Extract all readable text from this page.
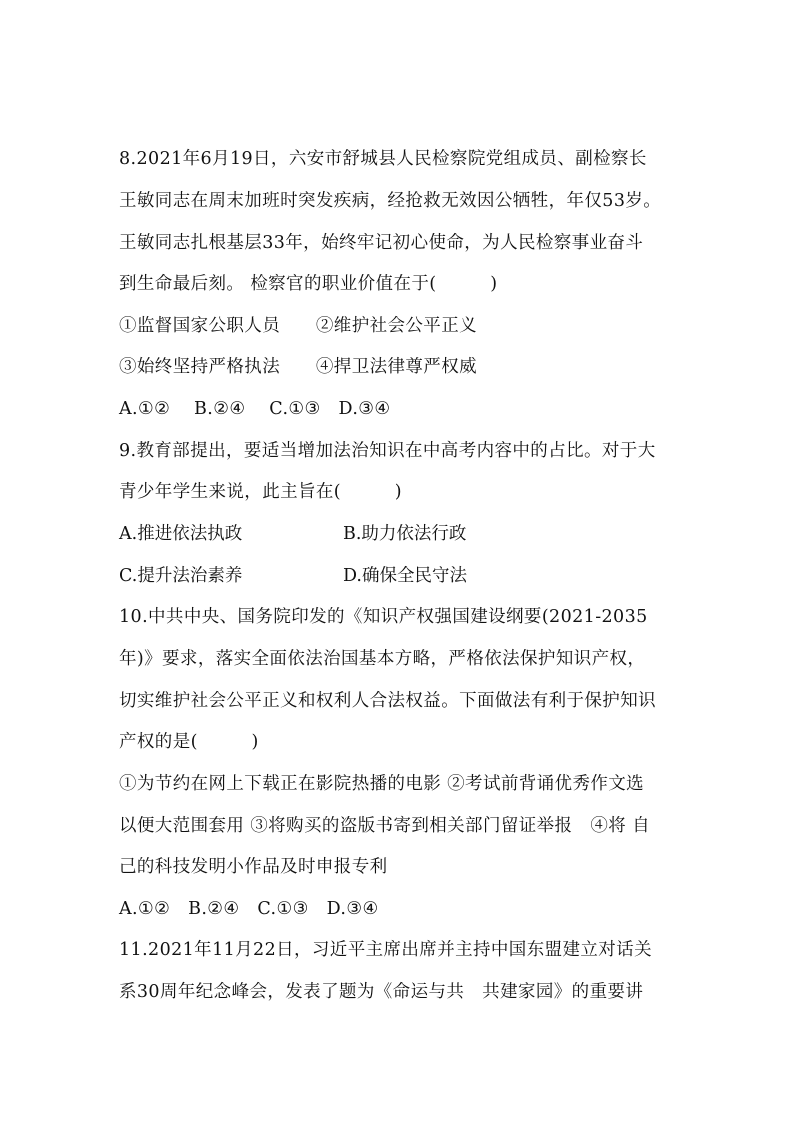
8.2021年6月19日，六安市舒城县人民检察院党组成员、副检察长
王敏同志在周末加班时突发疾病，经抢救无效因公牺牲，年仅53岁。
王敏同志扎根基层33年，始终牢记初心使命，为人民检察事业奋斗
到生命最后刻。 检察官的职业价值在于(　　　)
①监督国家公职人员　　②维护社会公平正义
③始终坚持严格执法　　④捍卫法律尊严权威
A.①②　 B.②④　 C.①③　D.③④
9.教育部提出，要适当增加法治知识在中高考内容中的占比。对于大
青少年学生来说，此主旨在(　　　)

A.推进依法执政

	B.助力依法行政

C.提升法治素养

	D.确保全民守法

10.中共中央、国务院印发的《知识产权强国建设纲要(2021-2035
年)》要求，落实全面依法治国基本方略，严格依法保护知识产权，
切实维护社会公平正义和权利人合法权益。下面做法有利于保护知识
产权的是(　　　)
①为节约在网上下载正在影院热播的电影 ②考试前背诵优秀作文选
以便大范围套用 ③将购买的盗版书寄到相关部门留证举报　④将 自
己的科技发明小作品及时申报专利
A.①②　B.②④　C.①③　D.③④
11.2021年11月22日，习近平主席出席并主持中国东盟建立对话关
系30周年纪念峰会，发表了题为《命运与共　共建家园》的重要讲
